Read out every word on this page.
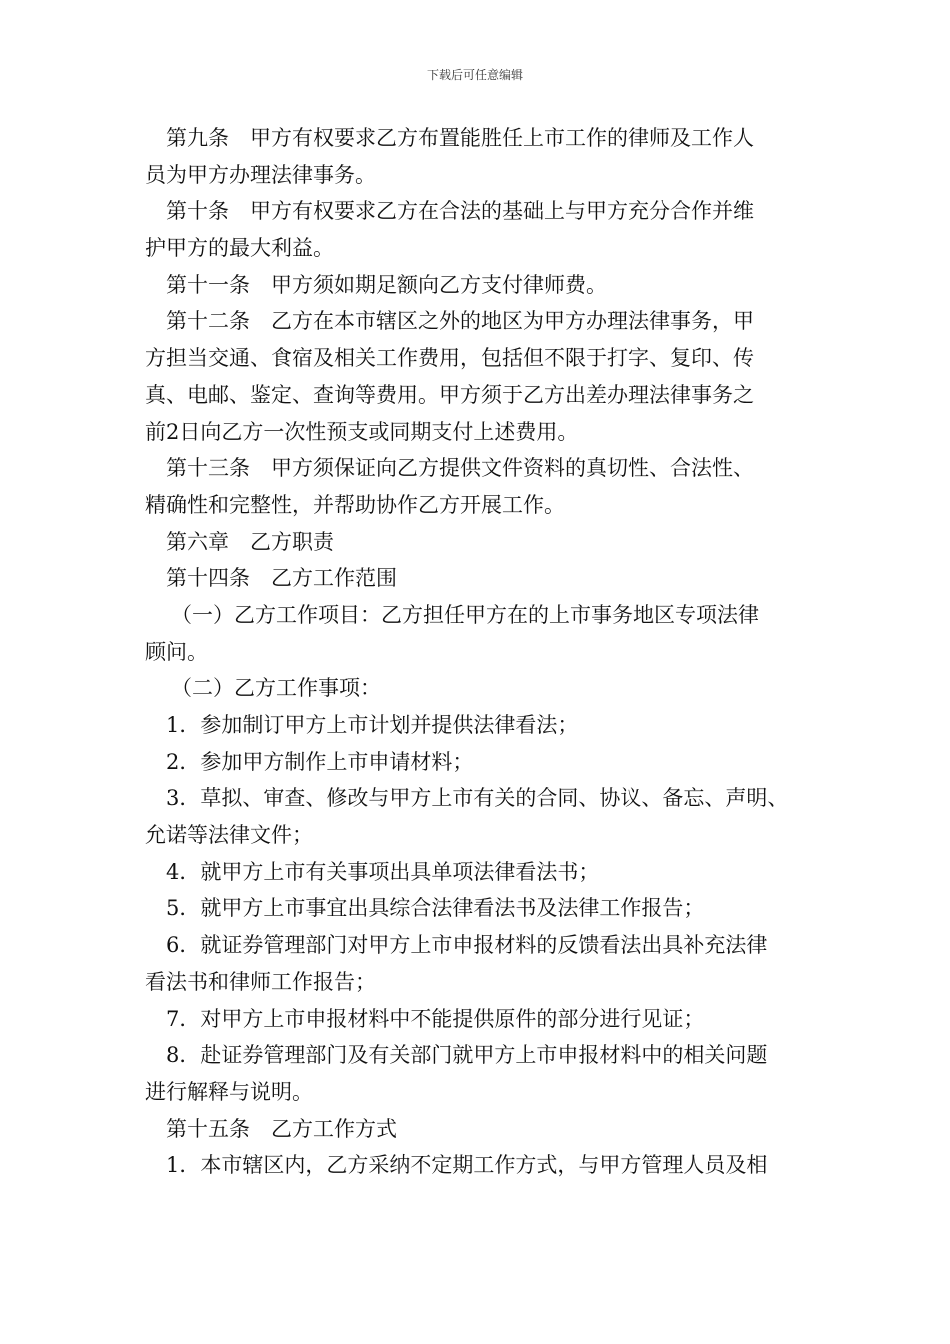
下载后可任意编辑
第九条　甲方有权要求乙方布置能胜任上市工作的律师及工作人
员为甲方办理法律事务。
第十条　甲方有权要求乙方在合法的基础上与甲方充分合作并维
护甲方的最大利益。
第十一条　甲方须如期足额向乙方支付律师费。
第十二条　乙方在本市辖区之外的地区为甲方办理法律事务，甲
方担当交通、食宿及相关工作费用，包括但不限于打字、复印、传
真、电邮、鉴定、查询等费用。甲方须于乙方出差办理法律事务之
前2日向乙方一次性预支或同期支付上述费用。
第十三条　甲方须保证向乙方提供文件资料的真切性、合法性、
精确性和完整性，并帮助协作乙方开展工作。
第六章　乙方职责
第十四条　乙方工作范围
（一）乙方工作项目：乙方担任甲方在的上市事务地区专项法律
顾问。
（二）乙方工作事项：
1．参加制订甲方上市计划并提供法律看法；
2．参加甲方制作上市申请材料；
3．草拟、审查、修改与甲方上市有关的合同、协议、备忘、声明、
允诺等法律文件；
4．就甲方上市有关事项出具单项法律看法书；
5．就甲方上市事宜出具综合法律看法书及法律工作报告；
6．就证券管理部门对甲方上市申报材料的反馈看法出具补充法律
看法书和律师工作报告；
7．对甲方上市申报材料中不能提供原件的部分进行见证；
8．赴证券管理部门及有关部门就甲方上市申报材料中的相关问题
进行解释与说明。
第十五条　乙方工作方式
1．本市辖区内，乙方采纳不定期工作方式，与甲方管理人员及相
